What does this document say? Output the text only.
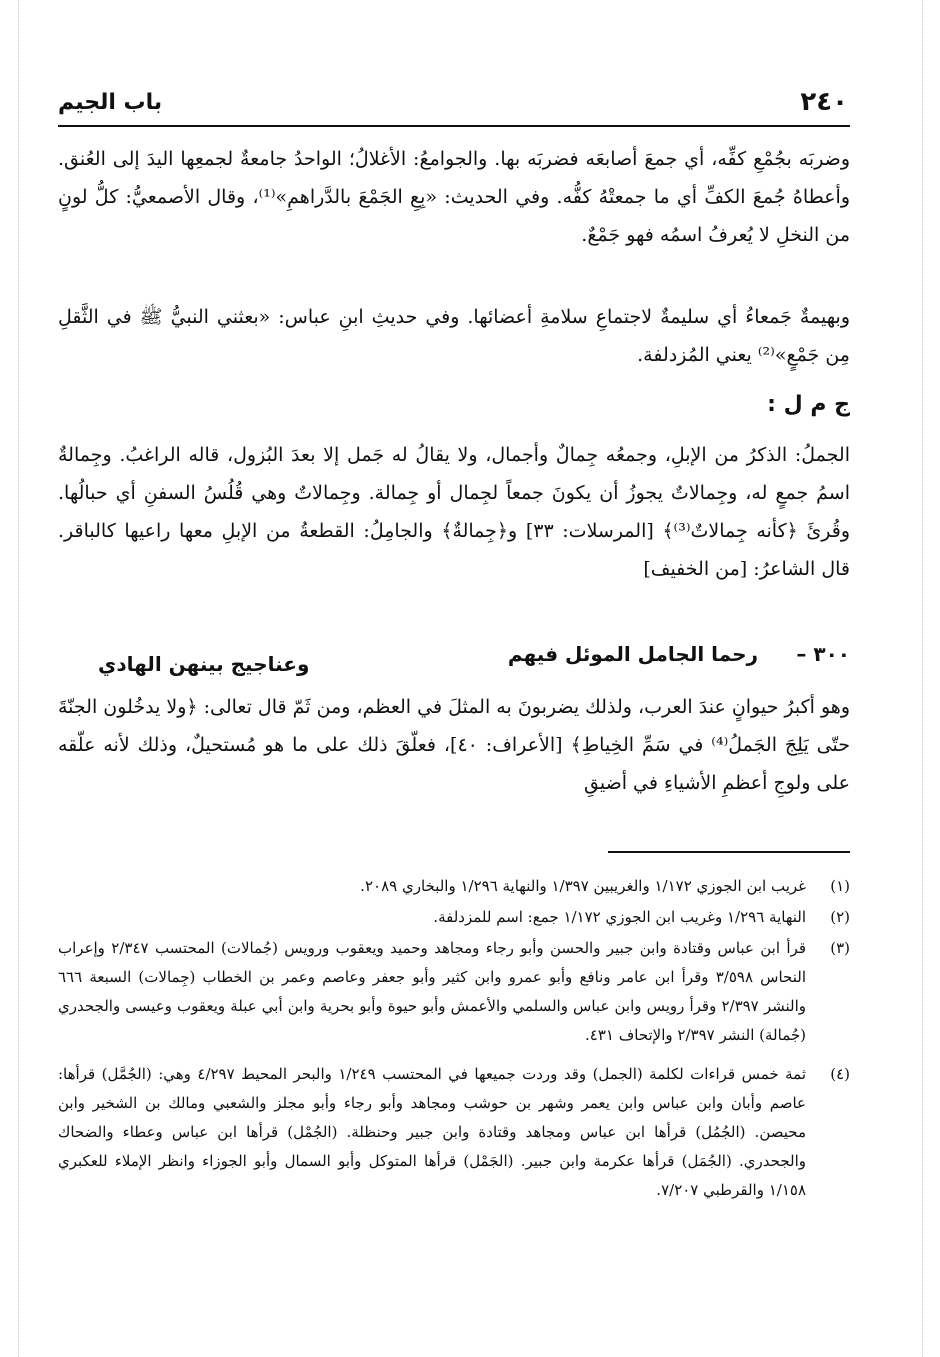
٢٤٠
باب الجيم
وضربَه بجُمْعِ كفِّه، أي جمعَ أصابعَه فضربَه بها. والجوامعُ: الأغلالُ؛ الواحدُ جامعةٌ لجمعِها اليدَ إلى العُنق. وأعطاهُ جُمعَ الكفِّ أي ما جمعتْهُ كفُّه. وفي الحديث: «بِعِ الجَمْعَ بالدَّراهمِ»⁽¹⁾، وقال الأصمعيُّ: كلُّ لونٍ من النخلِ لا يُعرفُ اسمُه فهو جَمْعٌ.
وبهيمةٌ جَمعاءُ أي سليمةٌ لاجتماعِ سلامةِ أعضائها. وفي حديثِ ابنِ عباس: «بعثني النبيُّ ﷺ في الثَّقلِ مِن جَمْعٍ»⁽²⁾ يعني المُزدلفة.
ج م ل :
الجملُ: الذكرُ من الإبلِ، وجمعُه جِمالٌ وأجمال، ولا يقالُ له جَمل إلا بعدَ البُزول، قاله الراغبُ. وجِمالةٌ اسمُ جمعٍ له، وجِمالاتٌ يجوزُ أن يكونَ جمعاً لجِمال أو جِمالة. وجِمالاتٌ وهي قُلُسُ السفنِ أي حبالُها. وقُرئَ ﴿كأنه جِمالاتٌ⁽³⁾﴾ [المرسلات: ٣٣] و﴿جِمالةٌ﴾ والجامِلُ: القطعةُ من الإبلِ معها راعيها كالباقر. قال الشاعرُ: [من الخفيف]
٣٠٠ –
رحما الجامل الموئل فيهم
وعناجيج بينهن الهادي
وهو أكبرُ حيوانٍ عندَ العرب، ولذلك يضربونَ به المثلَ في العظم، ومن ثَمّ قال تعالى: ﴿ولا يدخُلون الجنّةَ حتّى يَلِجَ الجَملُ⁽⁴⁾ في سَمِّ الخِياطِ﴾ [الأعراف: ٤٠]، فعلّقَ ذلك على ما هو مُستحيلٌ، وذلك لأنه علّقه على ولوجِ أعظمِ الأشياءِ في أضيقِ
(١)
غريب ابن الجوزي ١/١٧٢ والغريبين ١/٣٩٧ والنهاية ١/٢٩٦ والبخاري ٢٠٨٩.
(٢)
النهاية ١/٢٩٦ وغريب ابن الجوزي ١/١٧٢ جمع: اسم للمزدلفة.
(٣)
قرأ ابن عباس وقتادة وابن جبير والحسن وأبو رجاء ومجاهد وحميد ويعقوب ورويس (جُمالات) المحتسب ٢/٣٤٧ وإعراب النحاس ٣/٥٩٨ وقرأ ابن عامر ونافع وأبو عمرو وابن كثير وأبو جعفر وعاصم وعمر بن الخطاب (جِمالات) السبعة ٦٦٦ والنشر ٢/٣٩٧ وقرأ رويس وابن عباس والسلمي والأعمش وأبو حيوة وأبو بحرية وابن أبي عبلة ويعقوب وعيسى والجحدري (جُمالة) النشر ٢/٣٩٧ والإتحاف ٤٣١.
(٤)
ثمة خمس قراءات لكلمة (الجمل) وقد وردت جميعها في المحتسب ١/٢٤٩ والبحر المحيط ٤/٢٩٧ وهي: (الجُمَّل) قرأها: عاصم وأبان وابن عباس وابن يعمر وشهر بن حوشب ومجاهد وأبو رجاء وأبو مجلز والشعبي ومالك بن الشخير وابن محيصن. (الجُمُل) قرأها ابن عباس ومجاهد وقتادة وابن جبير وحنظلة. (الجُمْل) قرأها ابن عباس وعطاء والضحاك والجحدري. (الجُمَل) قرأها عكرمة وابن جبير. (الجَمْل) قرأها المتوكل وأبو السمال وأبو الجوزاء وانظر الإملاء للعكبري ١/١٥٨ والقرطبي ٧/٢٠٧.
